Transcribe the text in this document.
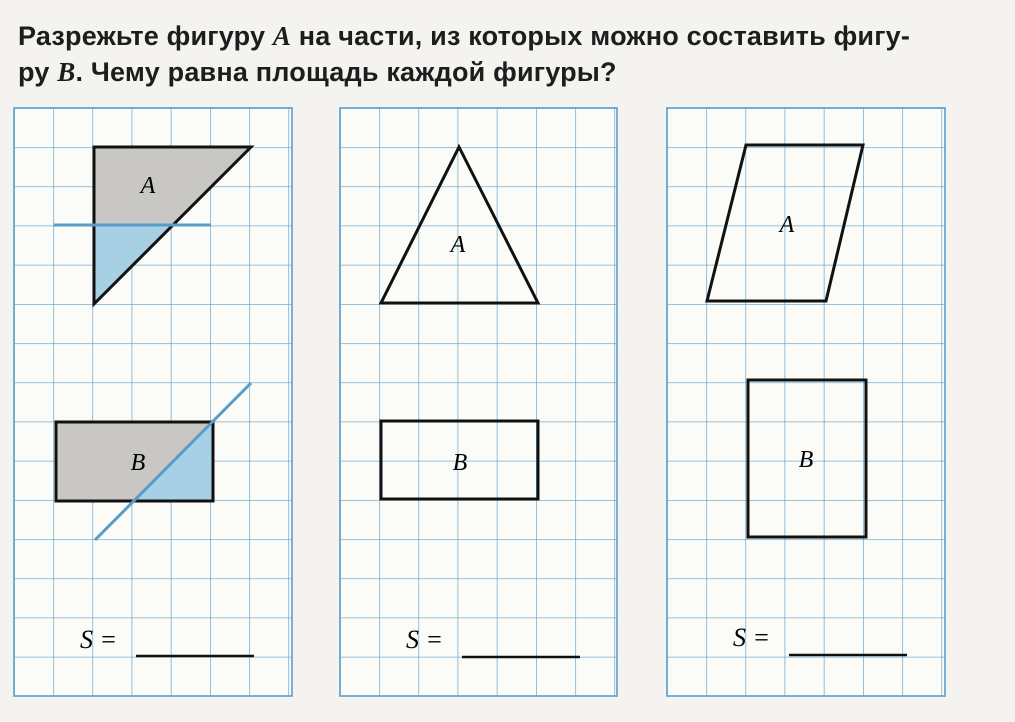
Разрежьте фигуру A на части, из которых можно составить фигу-
ру B. Чему равна площадь каждой фигуры?
A
B
S =
A
B
S =
A
B
S =
